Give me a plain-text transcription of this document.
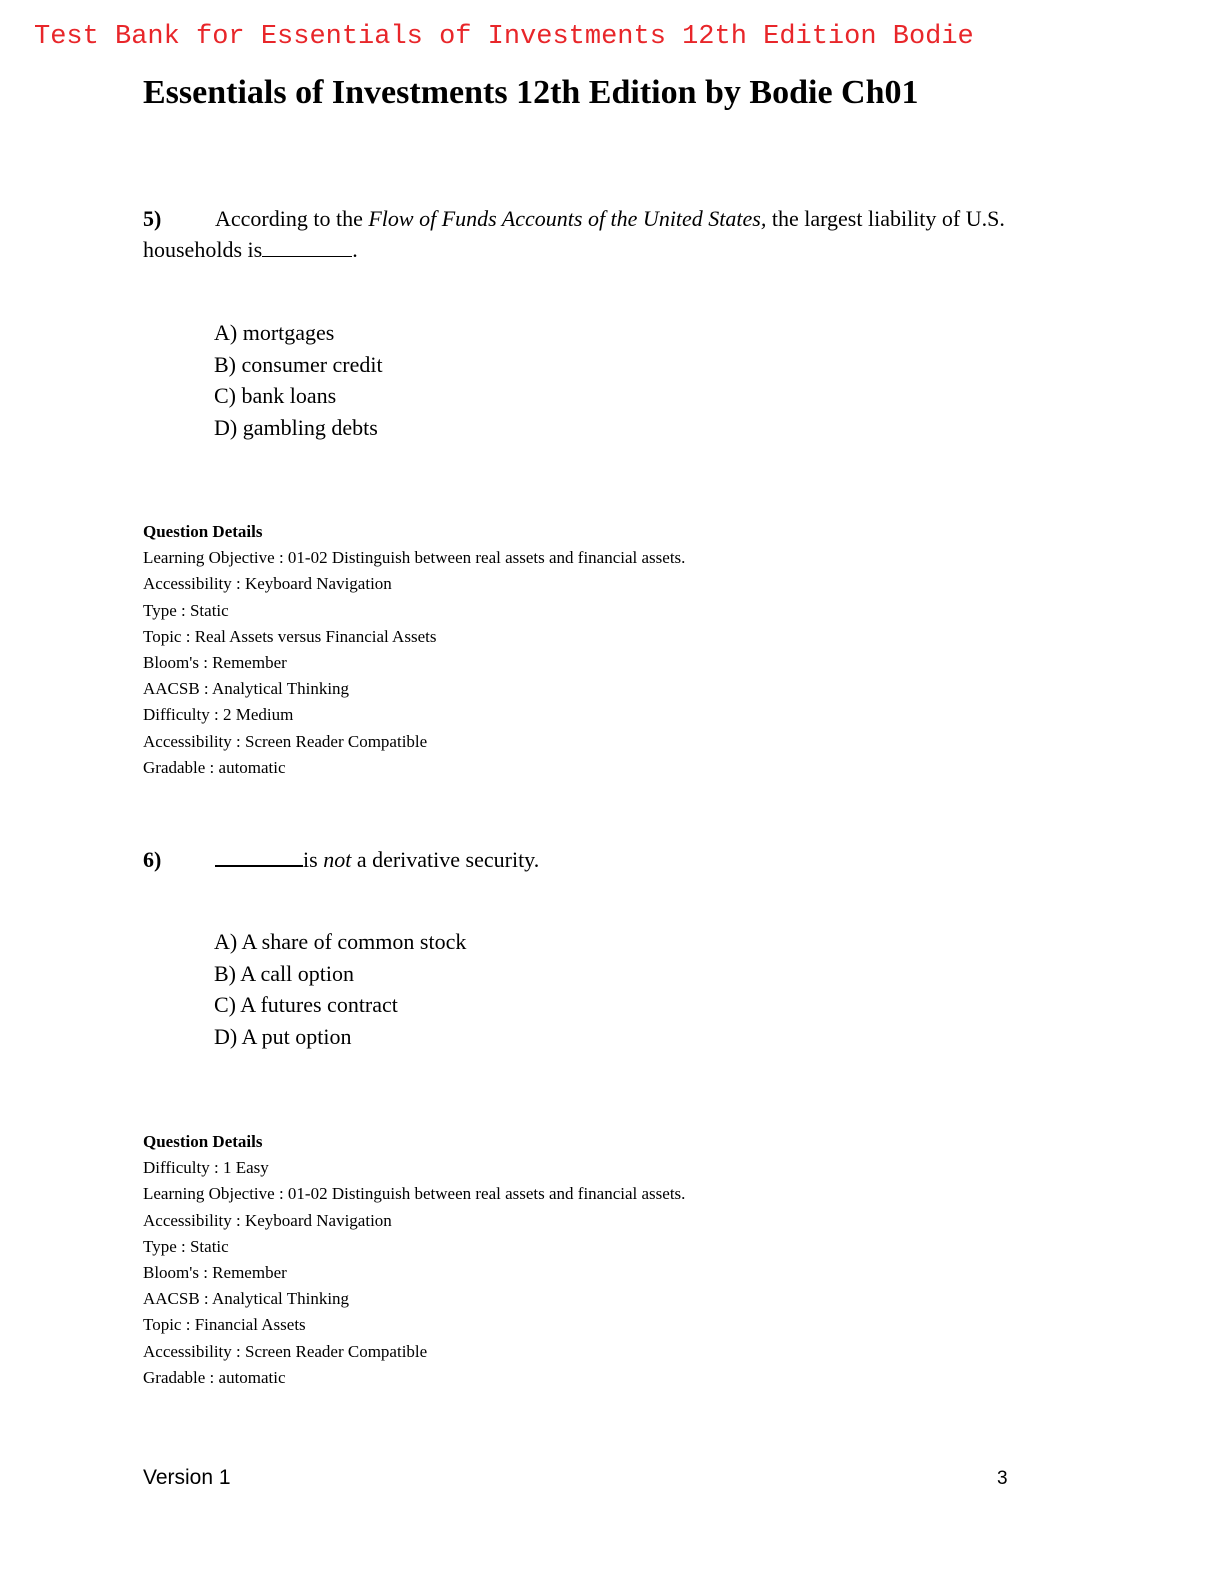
Test Bank for Essentials of Investments 12th Edition Bodie
Essentials of Investments 12th Edition by Bodie Ch01
5) According to the Flow of Funds Accounts of the United States, the largest liability of U.S. households is	.
A) mortgages
B) consumer credit
C) bank loans
D) gambling debts
Question Details
Learning Objective : 01-02 Distinguish between real assets and financial assets.
Accessibility : Keyboard Navigation
Type : Static
Topic : Real Assets versus Financial Assets
Bloom's : Remember
AACSB : Analytical Thinking
Difficulty : 2 Medium
Accessibility : Screen Reader Compatible
Gradable : automatic
6)	is not a derivative security.
A) A share of common stock
B) A call option
C) A futures contract
D) A put option
Question Details
Difficulty : 1 Easy
Learning Objective : 01-02 Distinguish between real assets and financial assets.
Accessibility : Keyboard Navigation
Type : Static
Bloom's : Remember
AACSB : Analytical Thinking
Topic : Financial Assets
Accessibility : Screen Reader Compatible
Gradable : automatic
Version 1	3
